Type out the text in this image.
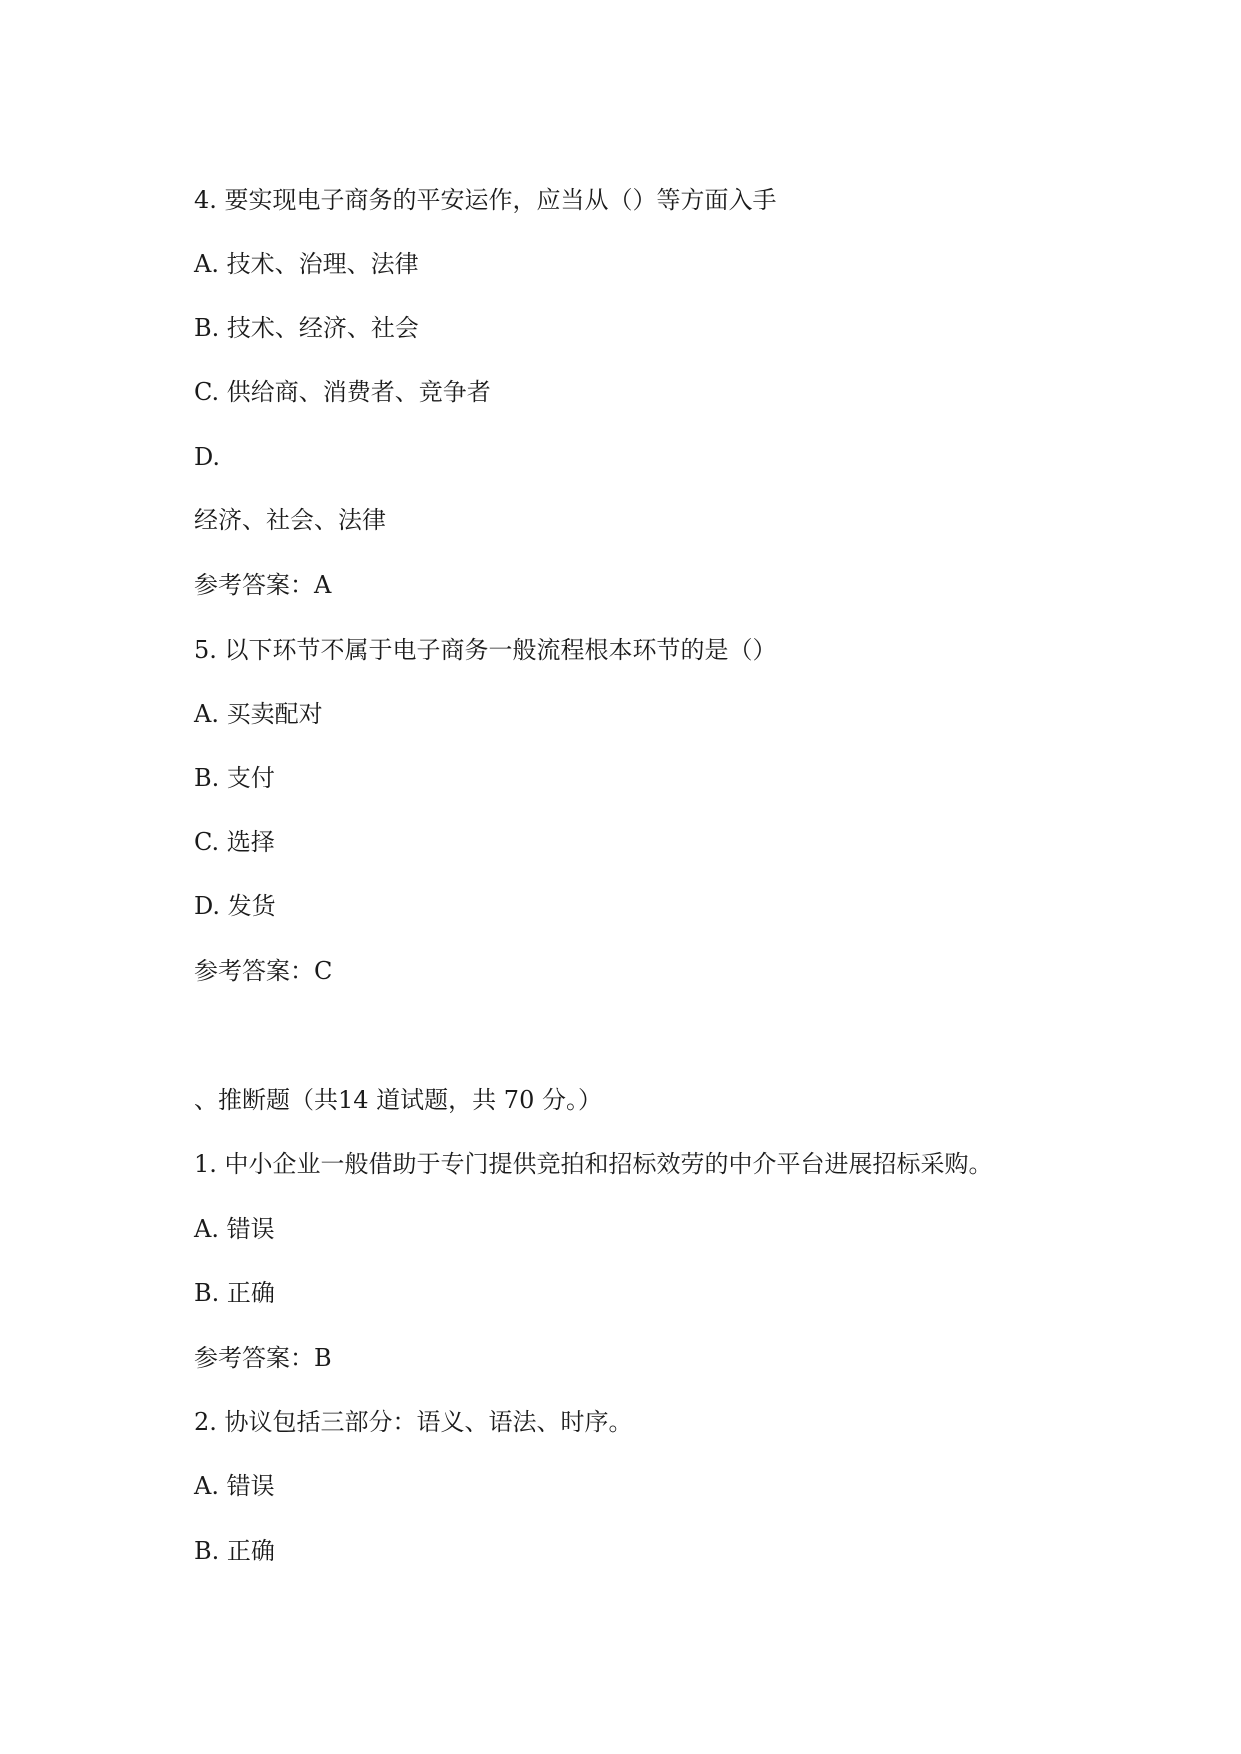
4. 要实现电子商务的平安运作，应当从（）等方面入手

A. 技术、治理、法律

B. 技术、经济、社会

C. 供给商、消费者、竞争者

D.

经济、社会、法律

参考答案：A

5. 以下环节不属于电子商务一般流程根本环节的是（）

A. 买卖配对

B. 支付

C. 选择

D. 发货

参考答案：C

、推断题（共14 道试题，共 70 分。）

1. 中小企业一般借助于专门提供竞拍和招标效劳的中介平台进展招标采购。

A. 错误

B. 正确

参考答案：B

2. 协议包括三部分：语义、语法、时序。

A. 错误

B. 正确
